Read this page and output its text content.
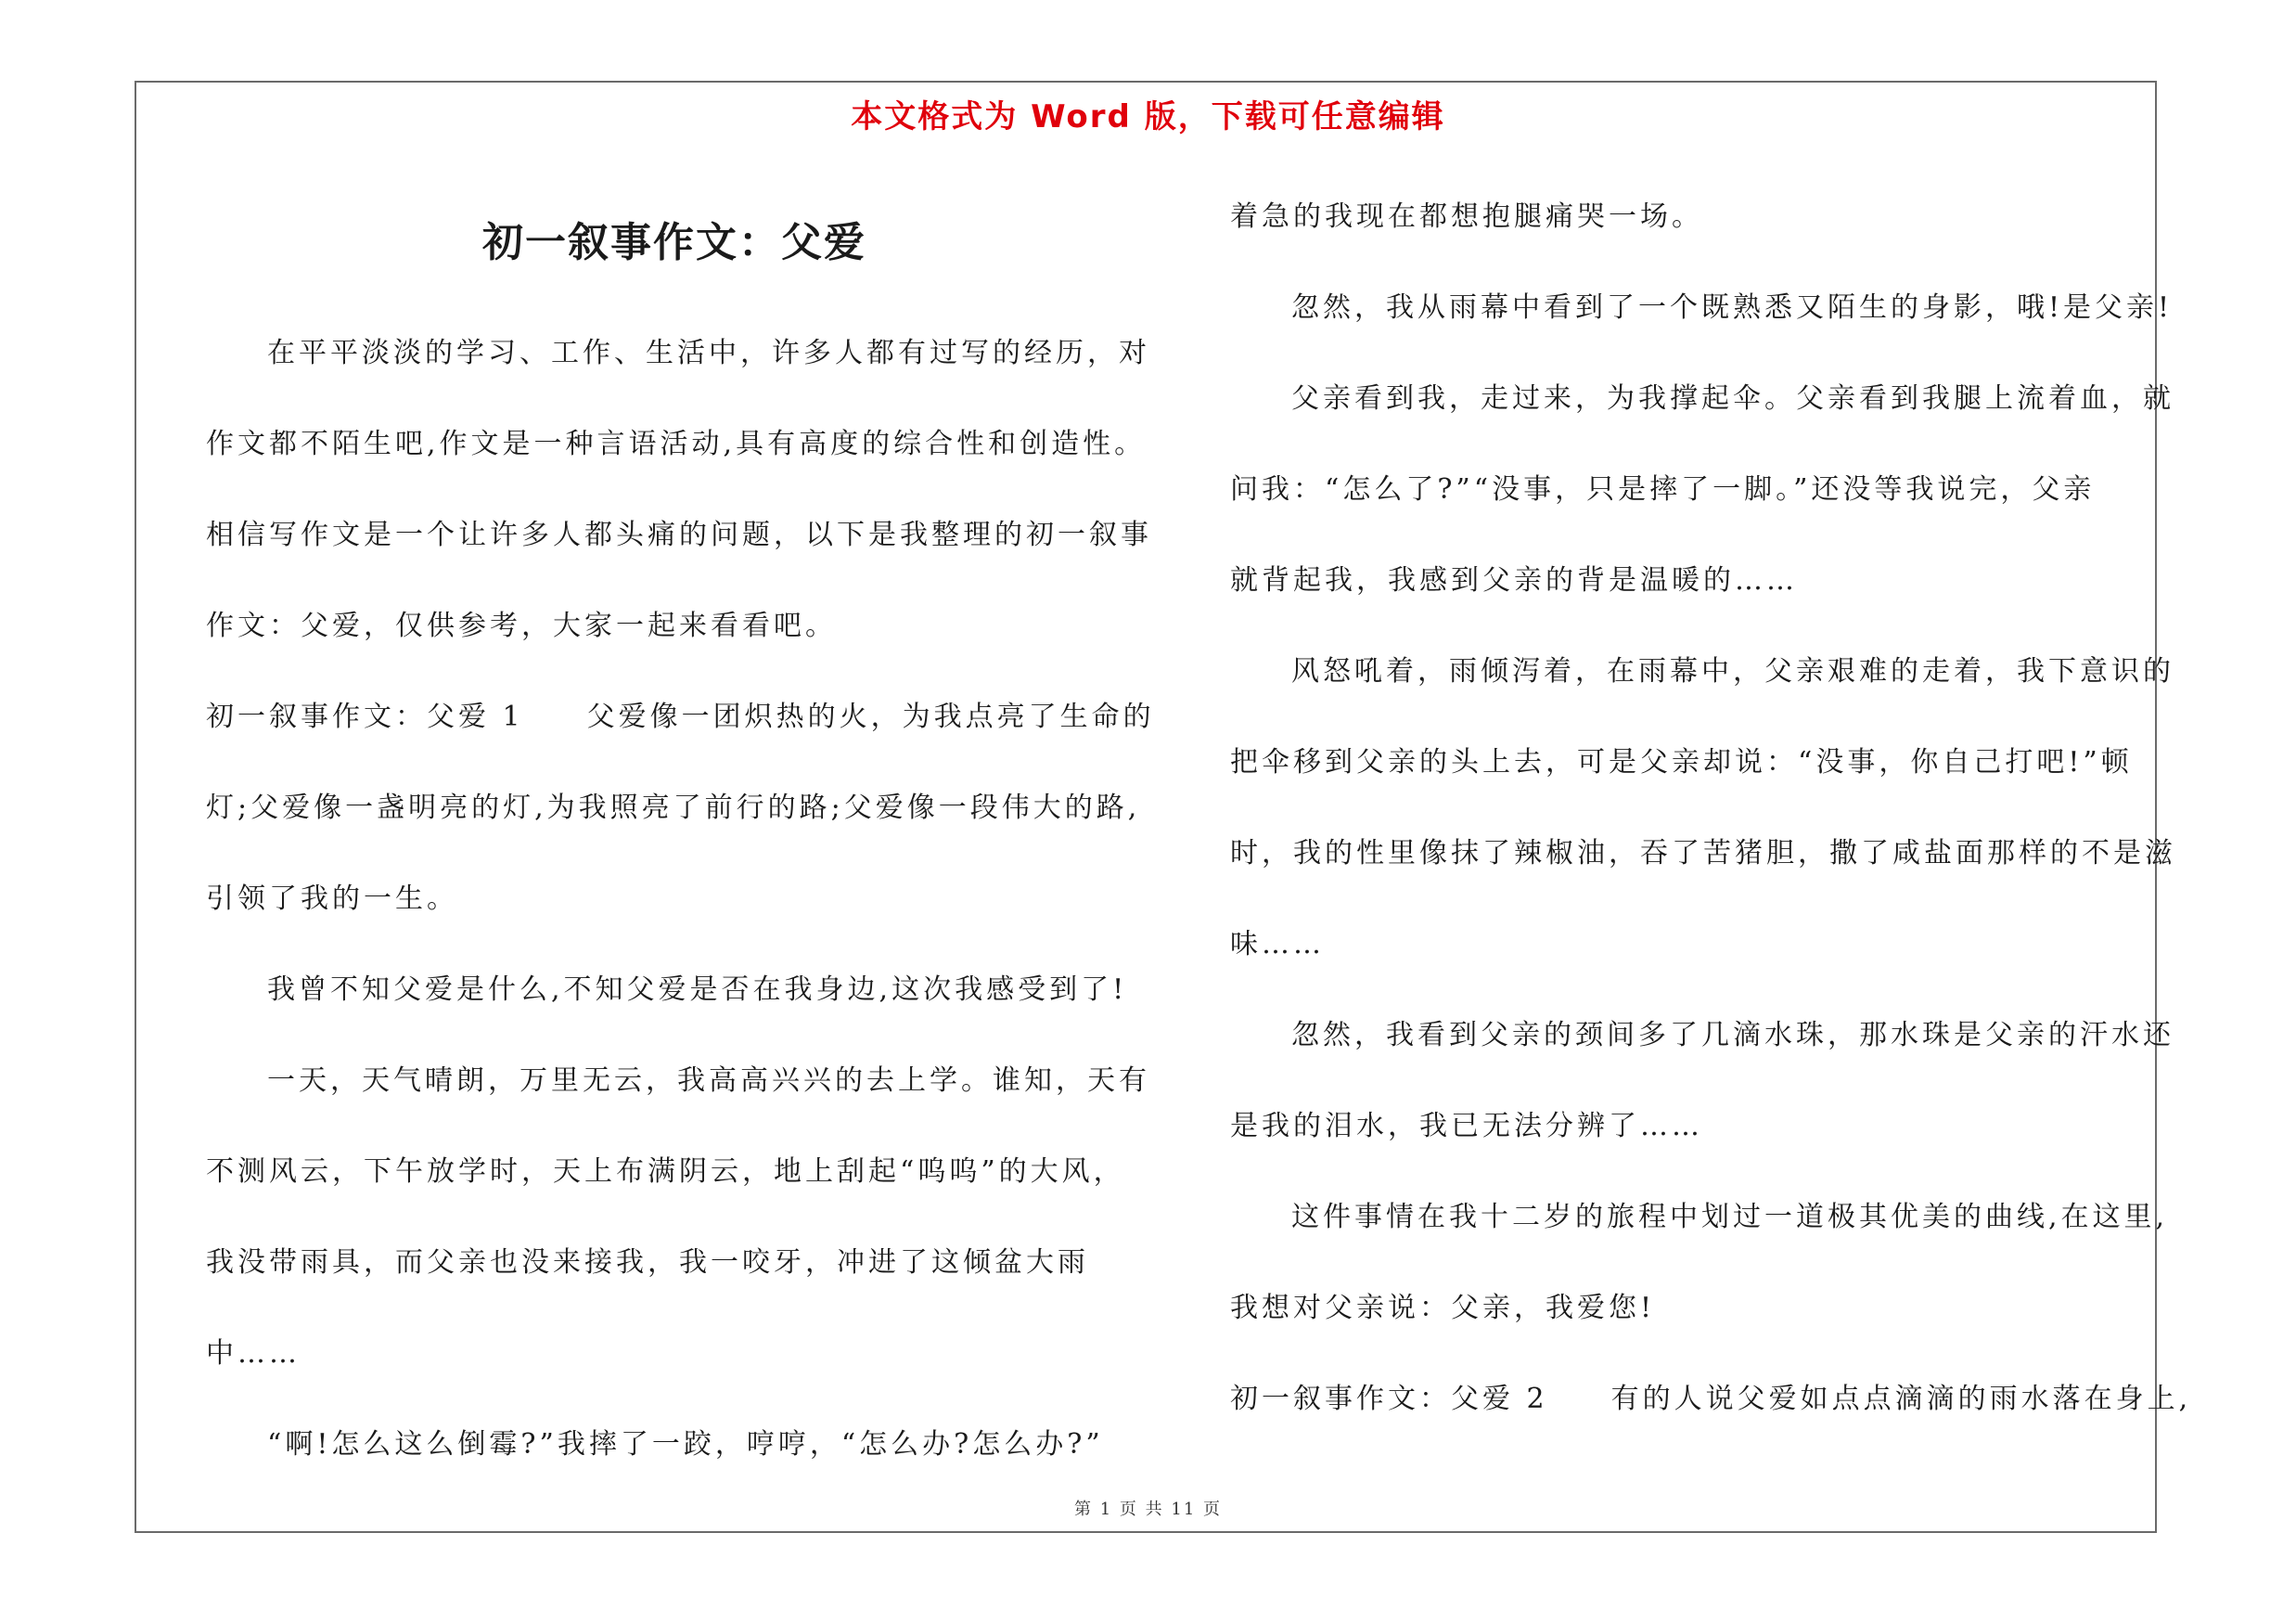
本文格式为 Word 版，下载可任意编辑
初一叙事作文：父爱
在平平淡淡的学习、工作、生活中，许多人都有过写的经历，对
作文都不陌生吧,作文是一种言语活动,具有高度的综合性和创造性。
相信写作文是一个让许多人都头痛的问题，以下是我整理的初一叙事
作文：父爱，仅供参考，大家一起来看看吧。
初一叙事作文：父爱 1　　父爱像一团炽热的火，为我点亮了生命的
灯;父爱像一盏明亮的灯,为我照亮了前行的路;父爱像一段伟大的路,
引领了我的一生。
我曾不知父爱是什么,不知父爱是否在我身边,这次我感受到了!
一天，天气晴朗，万里无云，我高高兴兴的去上学。谁知，天有
不测风云，下午放学时，天上布满阴云，地上刮起“呜呜”的大风，
我没带雨具，而父亲也没来接我，我一咬牙，冲进了这倾盆大雨
中……
“啊!怎么这么倒霉?”我摔了一跤，哼哼，“怎么办?怎么办?”
着急的我现在都想抱腿痛哭一场。
忽然，我从雨幕中看到了一个既熟悉又陌生的身影，哦!是父亲!
父亲看到我，走过来，为我撑起伞。父亲看到我腿上流着血，就
问我：“怎么了?”“没事，只是摔了一脚。”还没等我说完，父亲
就背起我，我感到父亲的背是温暖的……
风怒吼着，雨倾泻着，在雨幕中，父亲艰难的走着，我下意识的
把伞移到父亲的头上去，可是父亲却说：“没事，你自己打吧!”顿
时，我的性里像抹了辣椒油，吞了苦猪胆，撒了咸盐面那样的不是滋
味……
忽然，我看到父亲的颈间多了几滴水珠，那水珠是父亲的汗水还
是我的泪水，我已无法分辨了……
这件事情在我十二岁的旅程中划过一道极其优美的曲线,在这里,
我想对父亲说：父亲，我爱您!
初一叙事作文：父爱 2　　有的人说父爱如点点滴滴的雨水落在身上,
第 1 页 共 11 页
